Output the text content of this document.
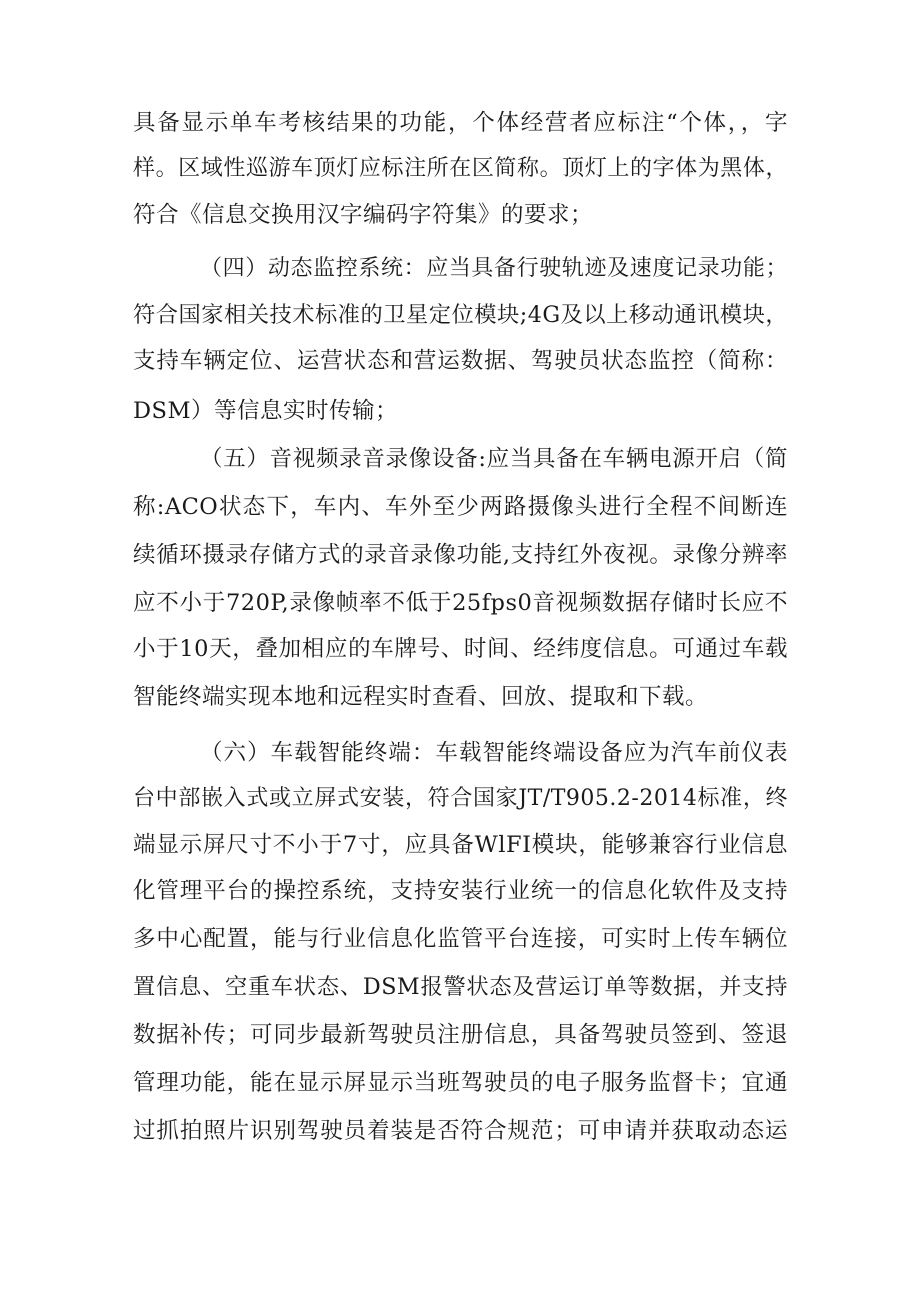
具备显示单车考核结果的功能，个体经营者应标注“个体，，字
样。区域性巡游车顶灯应标注所在区简称。顶灯上的字体为黑体，
符合《信息交换用汉字编码字符集》的要求；
（四）动态监控系统：应当具备行驶轨迹及速度记录功能；
符合国家相关技术标准的卫星定位模块;4G及以上移动通讯模块，
支持车辆定位、运营状态和营运数据、驾驶员状态监控（简称：
DSM）等信息实时传输；
（五）音视频录音录像设备:应当具备在车辆电源开启（简
称:ACO状态下，车内、车外至少两路摄像头进行全程不间断连
续循环摄录存储方式的录音录像功能,支持红外夜视。录像分辨率
应不小于720P,录像帧率不低于25fps0音视频数据存储时长应不
小于10天，叠加相应的车牌号、时间、经纬度信息。可通过车载
智能终端实现本地和远程实时查看、回放、提取和下载。
（六）车载智能终端：车载智能终端设备应为汽车前仪表
台中部嵌入式或立屏式安装，符合国家JT/T905.2-2014标准，终
端显示屏尺寸不小于7寸，应具备WlFI模块，能够兼容行业信息
化管理平台的操控系统，支持安装行业统一的信息化软件及支持
多中心配置，能与行业信息化监管平台连接，可实时上传车辆位
置信息、空重车状态、DSM报警状态及营运订单等数据，并支持
数据补传；可同步最新驾驶员注册信息，具备驾驶员签到、签退
管理功能，能在显示屏显示当班驾驶员的电子服务监督卡；宜通
过抓拍照片识别驾驶员着装是否符合规范；可申请并获取动态运
